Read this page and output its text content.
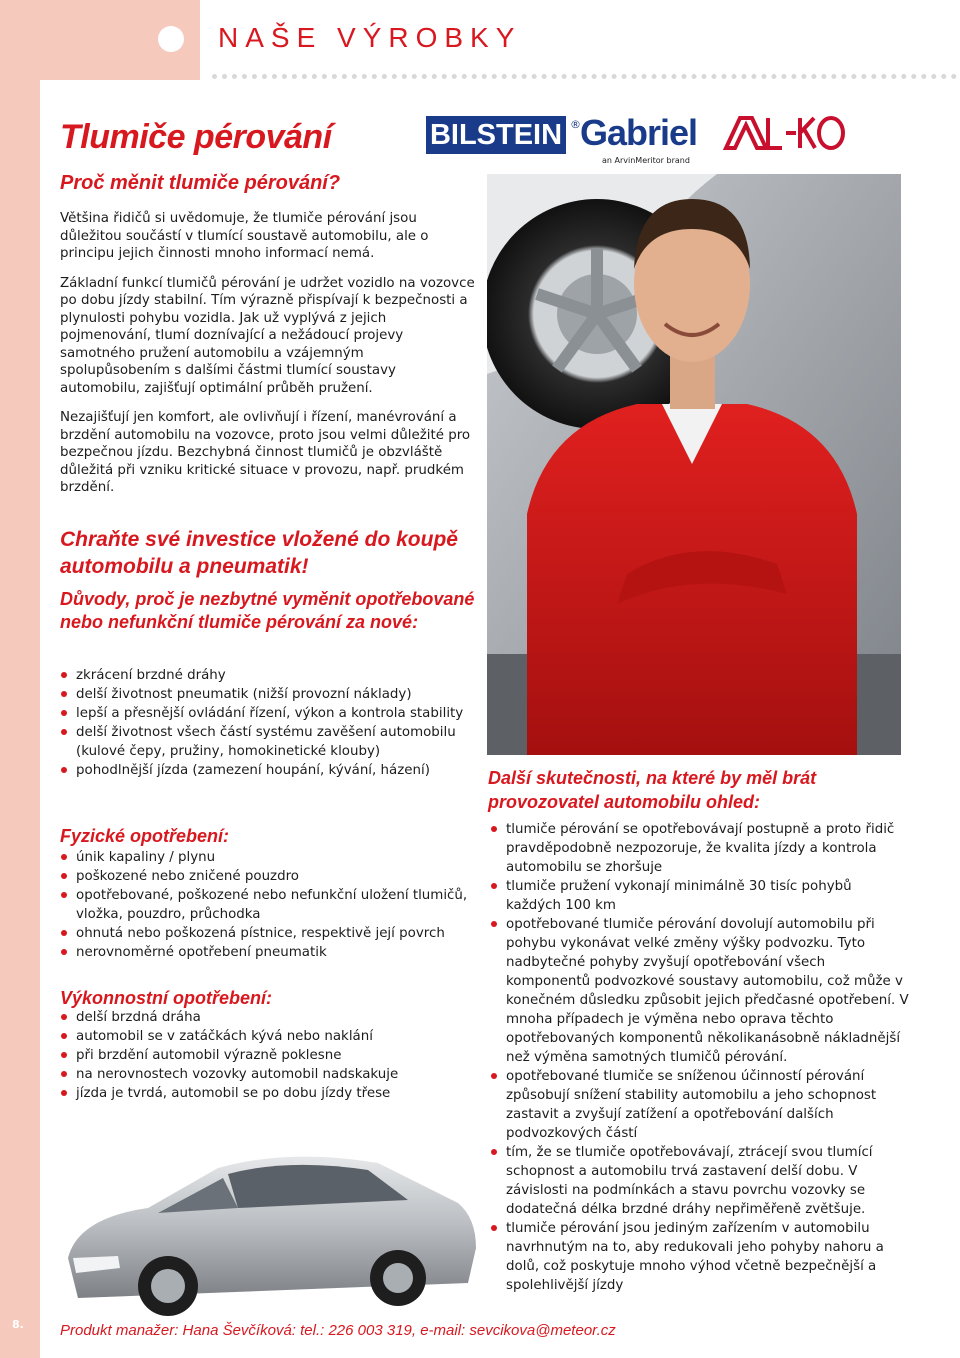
NAŠE VÝROBKY
8.
BILSTEIN ® Gabriel
an ArvinMeritor brand
Tlumiče pérování
Proč měnit tlumiče pérování?

Většina řidičů si uvědomuje, že tlumiče pérování jsou důležitou součástí v tlumící soustavě automobilu, ale o principu jejich činnosti mnoho informací nemá.

Základní funkcí tlumičů pérování je udržet vozidlo na vozovce po dobu jízdy stabilní. Tím výrazně přispívají k bezpečnosti a plynulosti pohybu vozidla. Jak už vyplývá z jejich pojmenování, tlumí doznívající a nežádoucí projevy samotného pružení automobilu a vzájemným spolupůsobením s dalšími částmi tlumící soustavy automobilu, zajišťují optimální průběh pružení.

Nezajišťují jen komfort, ale ovlivňují i řízení, manévrování a brzdění automobilu na vozovce, proto jsou velmi důležité pro bezpečnou jízdu. Bezchybná činnost tlumičů je obzvláště důležitá při vzniku kritické situace v provozu, např. prudkém brzdění.

Chraňte své investice vložené do koupě automobilu a pneumatik!
Důvody, proč je nezbytné vyměnit opotřebované nebo nefunkční tlumiče pérování za nové:
zkrácení brzdné dráhy
delší životnost pneumatik (nižší provozní náklady)
lepší a přesnější ovládání řízení, výkon a kontrola stability
delší životnost všech částí systému zavěšení automobilu (kulové čepy, pružiny, homokinetické klouby)
pohodlnější jízda (zamezení houpání, kývání, házení)
Fyzické opotřebení:
únik kapaliny / plynu
poškozené nebo zničené pouzdro
opotřebované, poškozené nebo nefunkční uložení tlumičů, vložka, pouzdro, průchodka
ohnutá nebo poškozená pístnice, respektivě její povrch
nerovnoměrné opotřebení pneumatik
Výkonnostní opotřebení:
delší brzdná dráha
automobil se v zatáčkách kývá nebo naklání
při brzdění automobil výrazně poklesne
na nerovnostech vozovky automobil nadskakuje
jízda je tvrdá, automobil se po dobu jízdy třese
Další skutečnosti, na které by měl brát provozovatel automobilu ohled:
tlumiče pérování se opotřebovávají postupně a proto řidič pravděpodobně nezpozoruje, že kvalita jízdy a kontrola automobilu se zhoršuje
tlumiče pružení vykonají minimálně 30 tisíc pohybů každých 100 km
opotřebované tlumiče pérování dovolují automobilu při pohybu vykonávat velké změny výšky podvozku. Tyto nadbytečné pohyby zvyšují opotřebování všech komponentů podvozkové soustavy automobilu, což může v konečném důsledku způsobit jejich předčasné opotřebení. V mnoha případech je výměna nebo oprava těchto opotřebovaných komponentů několikanásobně nákladnější než výměna samotných tlumičů pérování.
opotřebované tlumiče se sníženou účinností pérování způsobují snížení stability automobilu a jeho schopnost zastavit a zvyšují zatížení a opotřebování dalších podvozkových částí
tím, že se tlumiče opotřebovávají, ztrácejí svou tlumící schopnost a automobilu trvá zastavení delší dobu. V závislosti na podmínkách a stavu povrchu vozovky se dodatečná délka brzdné dráhy nepřiměřeně zvětšuje.
tlumiče pérování jsou jediným zařízením v automobilu navrhnutým na to, aby redukovali jeho pohyby nahoru a dolů, což poskytuje mnoho výhod včetně bezpečnější a spolehlivější jízdy
Produkt manažer: Hana Ševčíková: tel.: 226 003 319, e-mail: sevcikova@meteor.cz
